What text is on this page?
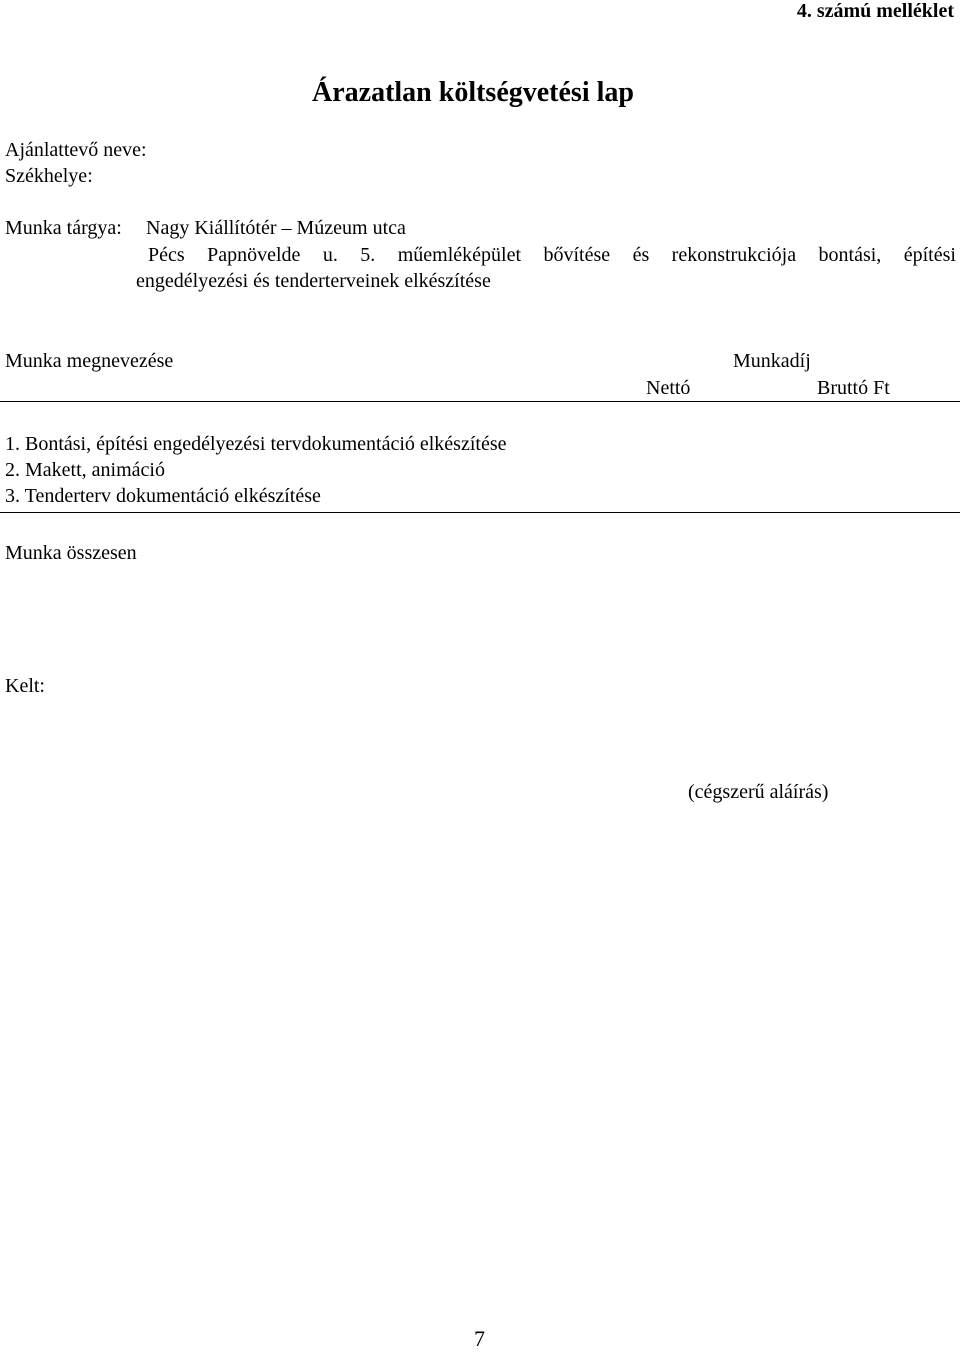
4. számú melléklet
Árazatlan költségvetési lap
Ajánlattevő neve:
Székhelye:
Munka tárgya: Nagy Kiállítótér – Múzeum utca
Pécs Papnövelde u. 5. műemléképület bővítése és rekonstrukciója bontási, építési
engedélyezési és tenderterveinek elkészítése
Munka megnevezése	Munkadíj
Nettó	Bruttó Ft
1. Bontási, építési engedélyezési tervdokumentáció elkészítése
2. Makett, animáció
3. Tenderterv dokumentáció elkészítése
Munka összesen
Kelt:
(cégszerű aláírás)
7
